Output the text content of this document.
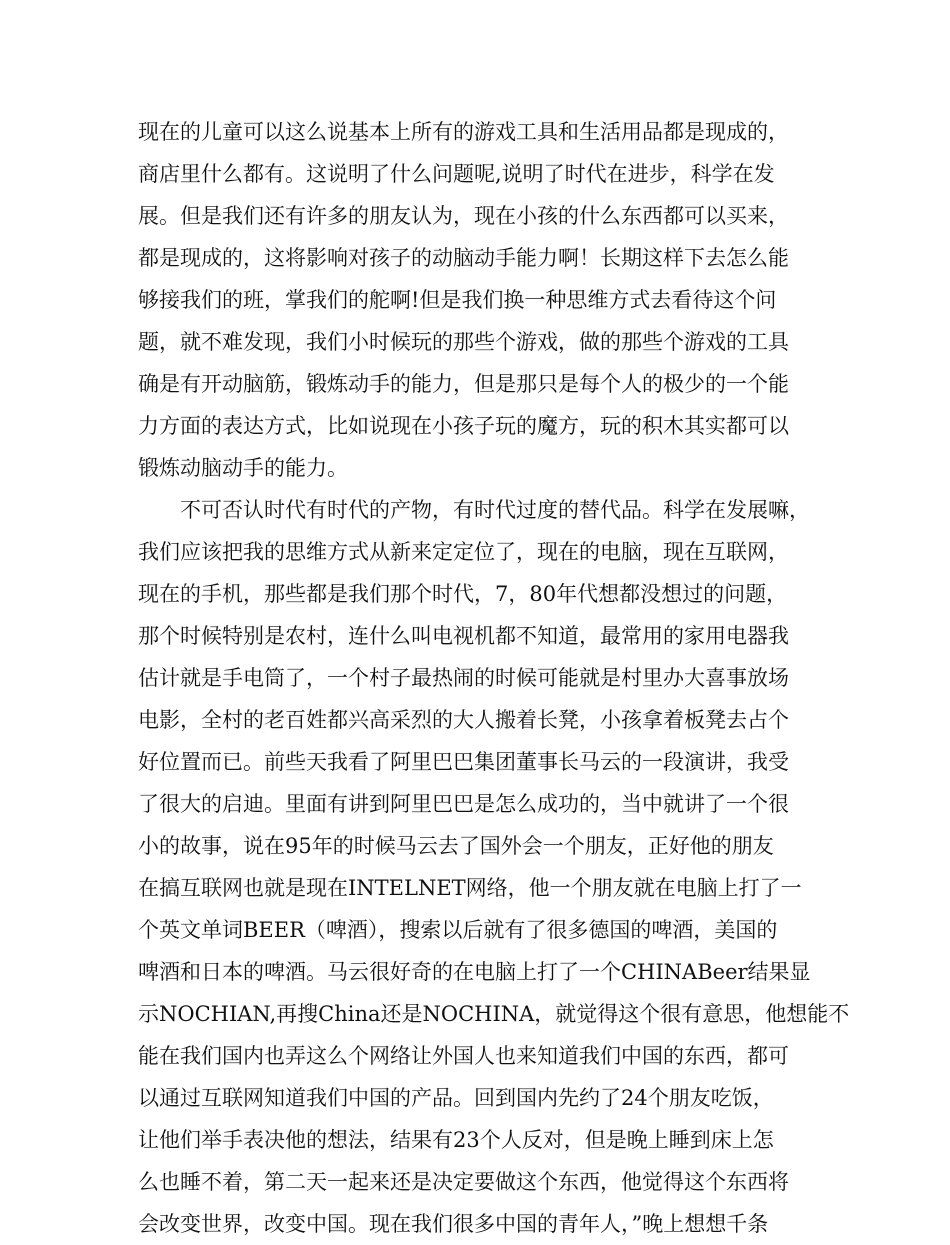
现在的儿童可以这么说基本上所有的游戏工具和生活用品都是现成的，
商店里什么都有。这说明了什么问题呢,说明了时代在进步，科学在发
展。但是我们还有许多的朋友认为，现在小孩的什么东西都可以买来，
都是现成的，这将影响对孩子的动脑动手能力啊！长期这样下去怎么能
够接我们的班，掌我们的舵啊!但是我们换一种思维方式去看待这个问
题，就不难发现，我们小时候玩的那些个游戏，做的那些个游戏的工具
确是有开动脑筋，锻炼动手的能力，但是那只是每个人的极少的一个能
力方面的表达方式，比如说现在小孩子玩的魔方，玩的积木其实都可以
锻炼动脑动手的能力。
不可否认时代有时代的产物，有时代过度的替代品。科学在发展嘛，
我们应该把我的思维方式从新来定定位了，现在的电脑，现在互联网，
现在的手机，那些都是我们那个时代，7，80年代想都没想过的问题，
那个时候特别是农村，连什么叫电视机都不知道，最常用的家用电器我
估计就是手电筒了，一个村子最热闹的时候可能就是村里办大喜事放场
电影，全村的老百姓都兴高采烈的大人搬着长凳，小孩拿着板凳去占个
好位置而已。前些天我看了阿里巴巴集团董事长马云的一段演讲，我受
了很大的启迪。里面有讲到阿里巴巴是怎么成功的，当中就讲了一个很
小的故事，说在95年的时候马云去了国外会一个朋友，正好他的朋友
在搞互联网也就是现在INTELNET网络，他一个朋友就在电脑上打了一
个英文单词BEER（啤酒），搜索以后就有了很多德国的啤酒，美国的
啤酒和日本的啤酒。马云很好奇的在电脑上打了一个CHINABeer结果显
示NOCHIAN,再搜China还是NOCHINA，就觉得这个很有意思，他想能不
能在我们国内也弄这么个网络让外国人也来知道我们中国的东西，都可
以通过互联网知道我们中国的产品。回到国内先约了24个朋友吃饭，
让他们举手表决他的想法，结果有23个人反对，但是晚上睡到床上怎
么也睡不着，第二天一起来还是决定要做这个东西，他觉得这个东西将
会改变世界，改变中国。现在我们很多中国的青年人，”晚上想想千条
